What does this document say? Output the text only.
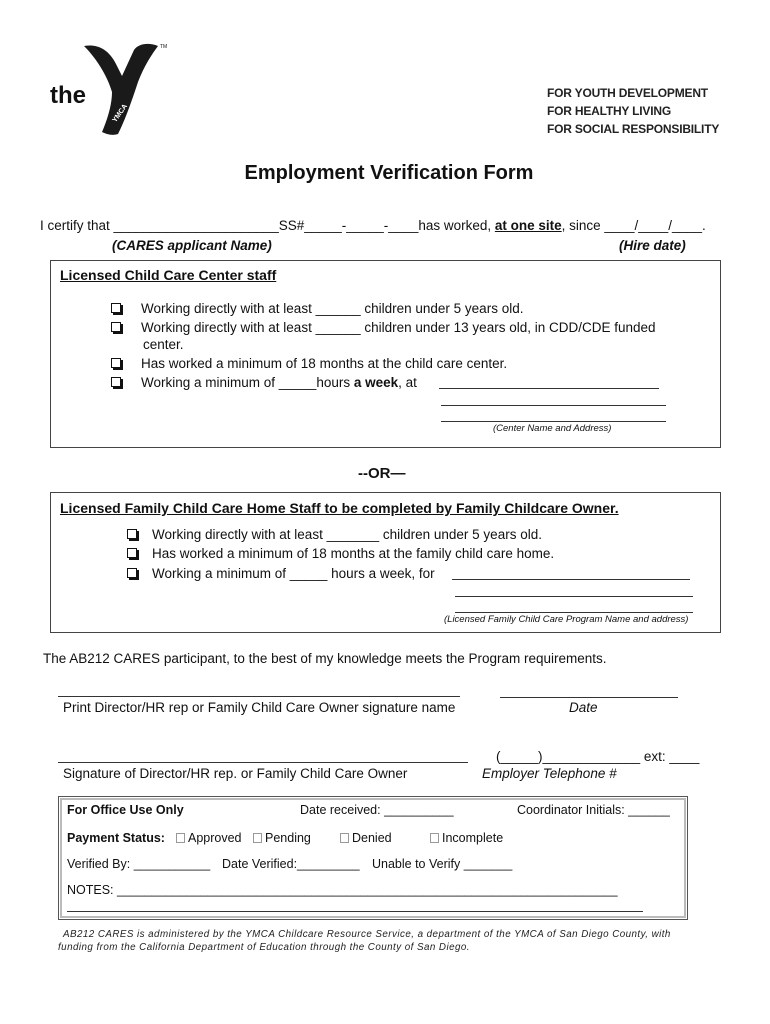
the
YMCA
TM
FOR YOUTH DEVELOPMENT
FOR HEALTHY LIVING
FOR SOCIAL RESPONSIBILITY
Employment Verification Form
I certify that ______________________SS#_____-_____-____has worked, at one site, since ____/____/____.
(CARES applicant Name)	(Hire date)
Licensed Child Care Center staff
Working directly with at least ______ children under 5 years old.
Working directly with at least ______ children under 13 years old, in CDD/CDE funded
center.
Has worked a minimum of 18 months at the child care center.
Working a minimum of _____hours a week, at
(Center Name and Address)
--OR—
Licensed Family Child Care Home Staff to be completed by Family Childcare Owner.
Working directly with at least _______ children under 5 years old.
Has worked a minimum of 18 months at the family child care home.
Working a minimum of _____ hours a week, for
(Licensed Family Child Care Program Name and address)
The AB212 CARES participant, to the best of my knowledge meets the Program requirements.
Print Director/HR rep or Family Child Care Owner signature name	Date
Signature of Director/HR rep. or Family Child Care Owner
(_____)_____________ ext: ____
Employer Telephone #
For Office Use Only	Date received: __________	Coordinator Initials: ______
Payment Status:	Approved	Pending	Denied	Incomplete
Verified By: ___________ Date Verified:_________ Unable to Verify _______
NOTES: ________________________________________________________________________
AB212 CARES is administered by the YMCA Childcare Resource Service, a department of the YMCA of San Diego County, with
funding from the California Department of Education through the County of San Diego.
